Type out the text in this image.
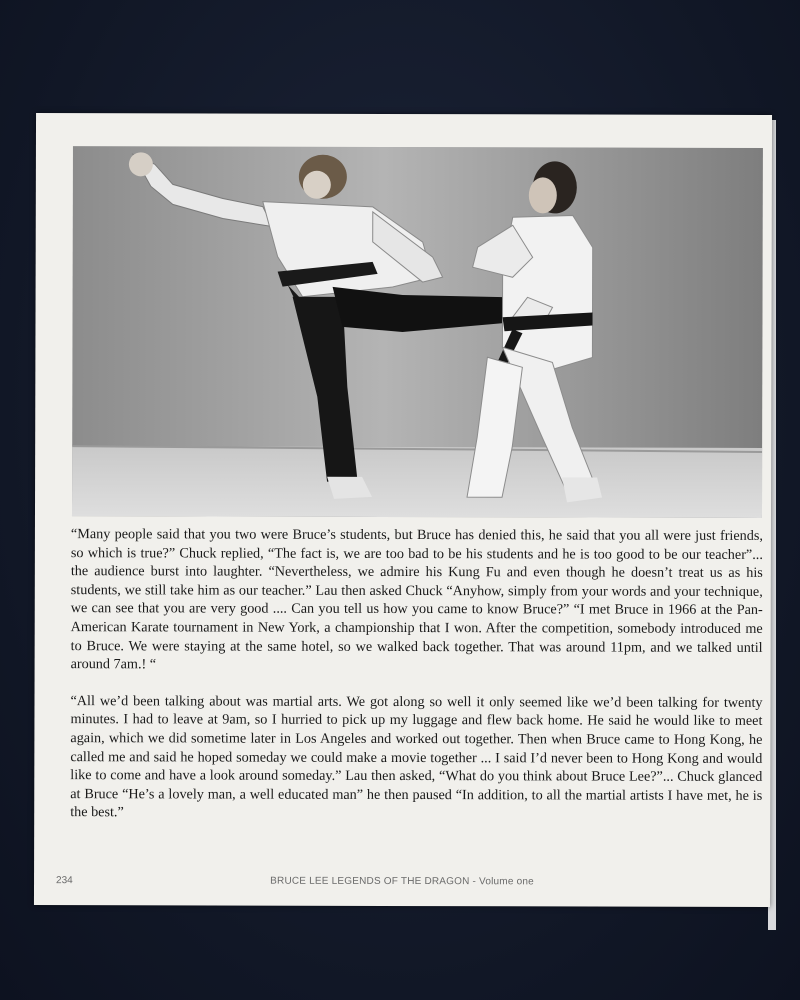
“Many people said that you two were Bruce’s students, but Bruce has denied this, he said that you all were just friends, so which is true?” Chuck replied, “The fact is, we are too bad to be his students and he is too good to be our teacher”... the audience burst into laughter. “Nevertheless, we admire his Kung Fu and even though he doesn’t treat us as his students, we still take him as our teacher.” Lau then asked Chuck “Anyhow, simply from your words and your technique, we can see that you are very good .... Can you tell us how you came to know Bruce?” “I met Bruce in 1966 at the Pan-American Karate tournament in New York, a championship that I won. After the competition, somebody introduced me to Bruce. We were staying at the same hotel, so we walked back together. That was around 11pm, and we talked until around 7am.! “

“All we’d been talking about was martial arts. We got along so well it only seemed like we’d been talking for twenty minutes. I had to leave at 9am, so I hurried to pick up my luggage and flew back home. He said he would like to meet again, which we did sometime later in Los Angeles and worked out together. Then when Bruce came to Hong Kong, he called me and said he hoped someday we could make a movie together ... I said I’d never been to Hong Kong and would like to come and have a look around someday.” Lau then asked, “What do you think about Bruce Lee?”... Chuck glanced at Bruce “He’s a lovely man, a well educated man” he then paused “In addition, to all the martial artists I have met, he is the best.”

234	BRUCE LEE LEGENDS OF THE DRAGON - Volume one
